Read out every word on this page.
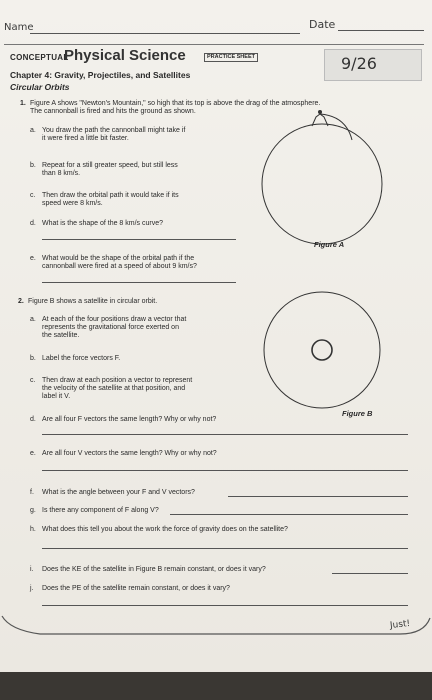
Name	Date
CONCEPTUAL
Physical Science	PRACTICE SHEET	9/26
Chapter 4: Gravity, Projectiles, and Satellites
Circular Orbits
1. Figure A shows "Newton's Mountain," so high that its top is above the drag of the atmosphere.
The cannonball is fired and hits the ground as shown.
a. You draw the path the cannonball might take if
it were fired a little bit faster.
b. Repeat for a still greater speed, but still less
than 8 km/s.
c. Then draw the orbital path it would take if its
speed were 8 km/s.
d. What is the shape of the 8 km/s curve?
e. What would be the shape of the orbital path if the
cannonball were fired at a speed of about 9 km/s?
Figure A
2. Figure B shows a satellite in circular orbit.
a. At each of the four positions draw a vector that
represents the gravitational force exerted on
the satellite.
b. Label the force vectors F.
c. Then draw at each position a vector to represent
the velocity of the satellite at that position, and
label it V.
d. Are all four F vectors the same length? Why or why not?
Figure B
e. Are all four V vectors the same length? Why or why not?
f. What is the angle between your F and V vectors?
g. Is there any component of F along V?
h. What does this tell you about the work the force of gravity does on the satellite?
i. Does the KE of the satellite in Figure B remain constant, or does it vary?
j. Does the PE of the satellite remain constant, or does it vary?
Just!
